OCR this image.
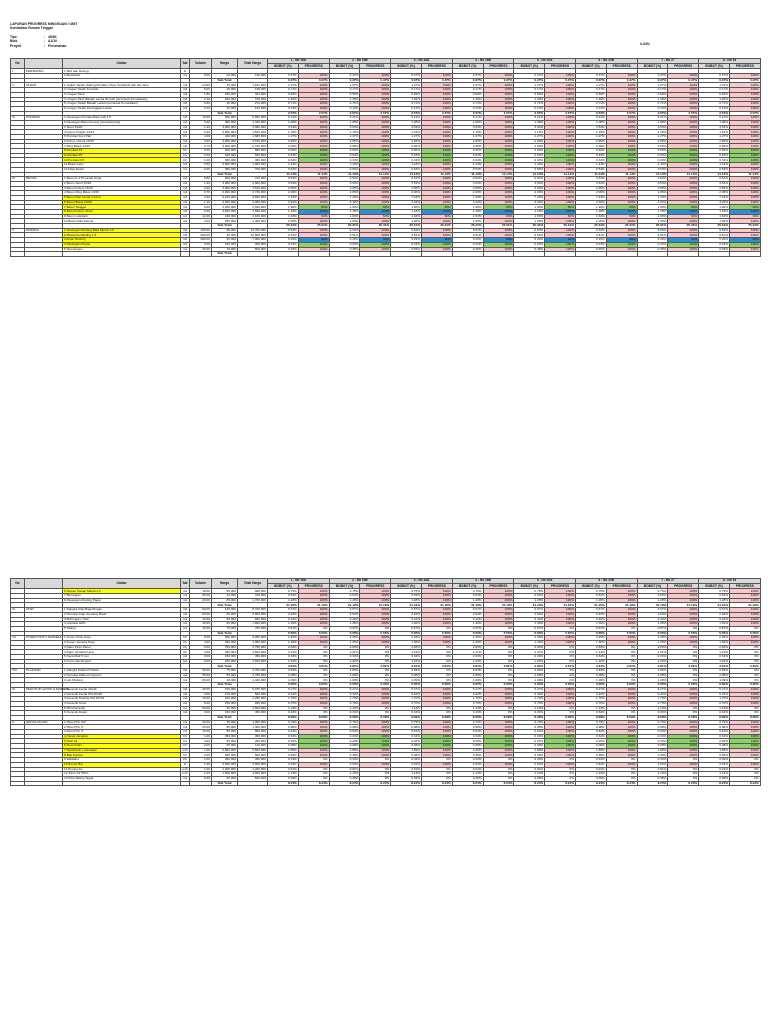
LAPORAN PROGRESS MINGGUAN / UNIT
Kontraktor Rumah Tinggal
Tipe	: 45/84
Blok	: A1/10
Proyek	: Perumahan	4.44%
No		Uraian	Sat	Volume	Harga	Total Harga	1 - No 16A		2 - No 16B		3 - No 18A		4 - No 18B		5 - No 20A		6 - No 20B		7 - No 27		8 - No 33	
							BOBOT (%)	PROGRESS	BOBOT (%)	PROGRESS	BOBOT (%)	PROGRESS	BOBOT (%)	PROGRESS	BOBOT (%)	PROGRESS	BOBOT (%)	PROGRESS	BOBOT (%)	PROGRESS	BOBOT (%)	PROGRESS
I.	PERSIAPAN	1 Bed dan Desing	ls																			
		2 Bowplank	m1	5.00	22,000	110,000	0.37%	100%	0.37%	100%	0.37%	100%	0.37%	100%	0.37%	100%	0.37%	100%	0.37%	100%	0.37%	100%
					Sub Total		0.37%	0.37%	0.37%	0.37%	0.37%	0.37%	0.37%	0.37%	0.37%	0.37%	0.37%	0.37%	0.37%	0.37%	0.37%	0.37%
II.	TANAH	1 Galian Tanah (Saring Pondasi, Pipa, Septitank dan lain lain)	m3	24.60	45,000	1,107,000	1.07%	100%	1.07%	100%	1.07%	100%	1.07%	100%	1.07%	100%	1.07%	100%	1.07%	100%	1.07%	100%
		2 Urugan Tanah Kembali	m3	5.00	25,000	125,000	0.17%	100%	0.17%	100%	0.17%	100%	0.17%	100%	0.17%	100%	0.17%	100%	0.17%	100%	0.17%	100%
		3 Urugan Pasir	m3	1.80	180,000	324,000	0.69%	100%	0.69%	100%	0.69%	100%	0.69%	100%	0.69%	100%	0.69%	100%	0.69%	100%	0.69%	100%
		4 Urugan Pasir Bawah Lantai Rumah (termasuk Pemadatan)	m3	2.10	180,000	378,000	1.30%	100%	1.30%	100%	1.30%	100%	1.30%	100%	1.30%	100%	1.30%	100%	1.30%	100%	1.30%	100%
		5 Urugan Tanah Bawah Lantai (termasuk Pemadatan)	m3	6.80	40,000	272,000	0.71%	100%	0.71%	100%	0.71%	100%	0.71%	100%	0.71%	100%	0.71%	100%	0.71%	100%	0.71%	100%
		6 Urugan Tanah Peninggian Lantai	m3	3.10	40,000	124,000	0.14%	100%	0.14%	100%	0.14%	100%	0.14%	100%	0.14%	100%	0.14%	100%	0.14%	100%	0.14%	100%
					Sub Total		2.57%	2.57%	2.57%	2.57%	2.57%	2.57%	2.57%	2.57%	2.57%	2.57%	2.57%	2.57%	2.57%	2.57%	2.57%	2.57%
III.	PONDASI	1 Pasangan Pondasi Batu Kali 1:5	m3	10.60	650,000	6,890,000	5.21%	100%	5.21%	100%	5.21%	100%	5.21%	100%	5.21%	100%	5.21%	100%	5.21%	100%	5.21%	100%
		2 Pasangan Batu Kosong (Aanstamping)	m3	3.20	450,000	1,440,000	1.08%	100%	1.08%	100%	1.08%	100%	1.08%	100%	1.08%	100%	1.08%	100%	1.08%	100%	1.08%	100%
		3 Sloof 15/20	m3	1.20	3,900,000	4,680,000	3.54%	100%	3.54%	100%	3.54%	100%	3.54%	100%	3.54%	100%	3.54%	100%	3.54%	100%	3.54%	100%
		4 Kolom Praktis 13/13	m3	0.40	3,800,000	1,520,000	1.15%	100%	1.15%	100%	1.15%	100%	1.15%	100%	1.15%	100%	1.15%	100%	1.15%	100%	1.15%	100%
		5 Pondasi Foot Plat	bh	4.00	420,000	1,680,000	1.27%	100%	1.27%	100%	1.27%	100%	1.27%	100%	1.27%	100%	1.27%	100%	1.27%	100%	1.27%	100%
		6 Kolom Utama 15/15	m3	0.90	3,900,000	3,510,000	2.65%	100%	2.65%	100%	2.65%	100%	2.65%	100%	2.65%	100%	2.65%	100%	2.65%	100%	2.65%	100%
		7 Ring Balok 13/15	m3	0.70	3,900,000	2,730,000	2.06%	100%	2.06%	100%	2.06%	100%	2.06%	100%	2.06%	100%	2.06%	100%	2.06%	100%	2.06%	100%
		8 Pondasi P1	bh	2.00	400,000	800,000	0.60%	100%	0.60%	100%	0.60%	100%	0.60%	100%	0.60%	100%	0.60%	100%	0.60%	100%	0.60%	100%
		9 Pondasi P2	bh	2.00	420,000	840,000	0.63%	100%	0.63%	100%	0.63%	100%	0.63%	100%	0.63%	100%	0.63%	100%	0.63%	100%	0.63%	100%
		10 Pondasi P3	bh	1.00	450,000	450,000	0.34%	100%	0.34%	100%	0.34%	100%	0.34%	100%	0.34%	100%	0.34%	100%	0.34%	100%	0.34%	100%
		11 Balok Latei	m3	0.50	3,800,000	1,900,000	1.44%	100%	1.44%	100%	1.44%	100%	1.44%	100%	1.44%	100%	1.44%	100%	1.44%	100%	1.44%	100%
		12 Meja Dapur	m1	2.00	350,000	700,000	0.53%	100%	0.53%	100%	0.53%	100%	0.53%	100%	0.53%	100%	0.53%	100%	0.53%	100%	0.53%	100%
					Sub Total		11.14%	11.14%	11.14%	11.14%	11.14%	11.14%	11.14%	11.14%	11.14%	11.14%	11.14%	11.14%	11.14%	11.14%	11.14%	11.14%
IV.	BETON	1 Beton K-175 Lantai Kerja	m3	0.80	900,000	720,000	0.54%	100%	0.54%	100%	0.54%	100%	0.54%	100%	0.54%	100%	0.54%	100%	0.54%	100%	0.54%	100%
		2 Beton Sloof 15/20	m3	1.20	3,900,000	4,680,000	3.54%	100%	3.54%	100%	3.54%	100%	3.54%	100%	3.54%	100%	3.54%	100%	3.54%	100%	3.54%	100%
		3 Beton Kolom 15/15	m3	0.90	3,900,000	3,510,000	2.65%	100%	2.65%	100%	2.65%	100%	2.65%	100%	2.65%	100%	2.65%	100%	2.65%	100%	2.65%	100%
		4 Beton Ring Balok 13/15	m3	0.70	3,900,000	2,730,000	2.06%	100%	2.06%	100%	2.06%	100%	2.06%	100%	2.06%	100%	2.06%	100%	2.06%	100%	2.06%	100%
		5 Beton Plat Lantai t=12cm	m3	2.40	4,100,000	9,840,000	7.43%	100%	7.43%	100%	7.43%	100%	7.43%	100%	7.43%	100%	7.43%	100%	7.43%	100%	7.43%	100%
		6 Beton Balok 20/30	m3	1.10	4,000,000	4,400,000	3.32%	100%	3.32%	100%	3.32%	100%	3.32%	100%	3.32%	100%	3.32%	100%	3.32%	100%	3.32%	100%
		7 Beton Tangga	m3	0.60	4,200,000	2,520,000	1.90%	80%	1.90%	80%	1.90%	80%	1.90%	80%	1.90%	80%	1.90%	80%	1.90%	80%	1.90%	80%
		8 Beton Kolom Teras	m3	0.40	3,900,000	1,560,000	1.18%	100%	1.18%	100%	1.18%	100%	1.18%	100%	1.18%	100%	1.18%	100%	1.18%	100%	1.18%	100%
		9 Beton Listplank	m1	12.00	180,000	2,160,000	1.63%	60%	1.63%	60%	1.63%	60%	1.63%	60%	1.63%	60%	1.63%	60%	1.63%	60%	1.63%	60%
		10 Beton Dak Kanopi	m2	4.00	350,000	1,400,000	1.06%	100%	1.06%	100%	1.06%	100%	1.06%	100%	1.06%	100%	1.06%	100%	1.06%	100%	1.06%	100%
					Sub Total		25.31%	25.31%	25.31%	25.31%	25.31%	25.31%	25.31%	25.31%	25.31%	25.31%	25.31%	25.31%	25.31%	25.31%	25.31%	25.31%
V.	DINDING	1 Pasangan Dinding Bata Merah 1:5	m2	150.00	85,000	12,750,000	9.63%	100%	9.63%	100%	9.63%	100%	9.63%	100%	9.63%	100%	9.63%	100%	9.63%	100%	9.63%	100%
		2 Plesteran Dinding 1:4	m2	280.00	45,000	12,600,000	9.51%	100%	9.51%	100%	9.51%	100%	9.51%	100%	9.51%	100%	9.51%	100%	9.51%	100%	9.51%	100%
		3 Acian Dinding	m2	280.00	25,000	7,000,000	5.29%	90%	5.29%	90%	5.29%	90%	5.29%	90%	5.29%	90%	5.29%	90%	5.29%	90%	5.29%	90%
		4 Pasangan Roster	m2	2.00	150,000	300,000	0.23%	100%	0.23%	100%	0.23%	100%	0.23%	100%	0.23%	100%	0.23%	100%	0.23%	100%	0.23%	100%
		5 Sponengan	m1	40.00	15,000	600,000	0.45%	100%	0.45%	100%	0.45%	100%	0.45%	100%	0.45%	100%	0.45%	100%	0.45%	100%	0.45%	100%
					Sub Total																	
No		Uraian	Sat	Volume	Harga	Total Harga	1 - No 16A		2 - No 16B		3 - No 18A		4 - No 18B		5 - No 20A		6 - No 20B		7 - No 27		8 - No 33	
							BOBOT (%)	PROGRESS	BOBOT (%)	PROGRESS	BOBOT (%)	PROGRESS	BOBOT (%)	PROGRESS	BOBOT (%)	PROGRESS	BOBOT (%)	PROGRESS	BOBOT (%)	PROGRESS	BOBOT (%)	PROGRESS
		6 Plester Kamar Mandi 1:3	m2	18.00	55,000	990,000	0.75%	100%	0.75%	100%	0.75%	100%	0.75%	100%	0.75%	100%	0.75%	100%	0.75%	100%	0.75%	100%
		7 Benangan	m1	60.00	12,000	720,000	0.54%	100%	0.54%	100%	0.54%	100%	0.54%	100%	0.54%	100%	0.54%	100%	0.54%	100%	0.54%	100%
		8 Pasangan Dinding Pagar	m2	20.00	85,000	1,700,000	1.28%	100%	1.28%	100%	1.28%	100%	1.28%	100%	1.28%	100%	1.28%	100%	1.28%	100%	1.28%	100%
					Sub Total		31.19%	31.19%	31.19%	31.19%	31.19%	31.19%	31.19%	31.19%	31.19%	31.19%	31.19%	31.19%	31.19%	31.19%	31.19%	31.19%
VI.	ATAP	1 Rangka Atap Baja Ringan	m2	60.00	145,000	8,700,000	6.57%	100%	6.57%	100%	6.57%	100%	6.57%	100%	6.57%	100%	6.57%	100%	6.57%	100%	6.57%	100%
		2 Penutup Atap Genteng Metal	m2	60.00	65,000	3,900,000	2.94%	100%	2.94%	100%	2.94%	100%	2.94%	100%	2.94%	100%	2.94%	100%	2.94%	100%	2.94%	100%
		3 Bubungan / Nok	m1	10.00	55,000	550,000	0.42%	100%	0.42%	100%	0.42%	100%	0.42%	100%	0.42%	100%	0.42%	100%	0.42%	100%	0.42%	100%
		4 Lisplank GRC	m1	30.00	60,000	1,800,000	1.36%	100%	1.36%	100%	1.36%	100%	1.36%	100%	1.36%	100%	1.36%	100%	1.36%	100%	1.36%	100%
		5 Talang	m1	10.00	75,000	750,000	0.57%	0%	0.57%	0%	0.57%	0%	0.57%	0%	0.57%	0%	0.57%	0%	0.57%	0%	0.57%	0%
					Sub Total		5.55%	5.55%	5.55%	5.55%	5.55%	5.55%	5.55%	5.55%	5.55%	5.55%	5.55%	5.55%	5.55%	5.55%	5.55%	5.55%
VII.	KUSEN PINTU JENDELA	1 Kusen Pintu Kayu	bh	5.00	650,000	3,250,000	2.45%	100%	2.45%	100%	2.45%	100%	2.45%	100%	2.45%	100%	2.45%	100%	2.45%	100%	2.45%	100%
		2 Kusen Jendela Kayu	bh	4.00	450,000	1,800,000	1.36%	100%	1.36%	100%	1.36%	100%	1.36%	100%	1.36%	100%	1.36%	100%	1.36%	100%	1.36%	100%
		3 Daun Pintu Panel	bh	5.00	750,000	3,750,000	2.83%	0%	2.83%	0%	2.83%	0%	2.83%	0%	2.83%	0%	2.83%	0%	2.83%	0%	2.83%	0%
		4 Daun Jendela Kaca	bh	4.00	400,000	1,600,000	1.21%	0%	1.21%	0%	1.21%	0%	1.21%	0%	1.21%	0%	1.21%	0%	1.21%	0%	1.21%	0%
		5 Kaca Mati 5 mm	m2	3.00	150,000	450,000	0.34%	0%	0.34%	0%	0.34%	0%	0.34%	0%	0.34%	0%	0.34%	0%	0.34%	0%	0.34%	0%
		6 Kunci dan Engsel	set	9.00	180,000	1,620,000	1.22%	0%	1.22%	0%	1.22%	0%	1.22%	0%	1.22%	0%	1.22%	0%	1.22%	0%	1.22%	0%
					Sub Total		3.81%	3.81%	3.81%	3.81%	3.81%	3.81%	3.81%	3.81%	3.81%	3.81%	3.81%	3.81%	3.81%	3.81%	3.81%	3.81%
VIII.	PLAFOND	1 Rangka Plafond Hollow	m2	50.00	75,000	3,750,000	2.83%	0%	2.83%	0%	2.83%	0%	2.83%	0%	2.83%	0%	2.83%	0%	2.83%	0%	2.83%	0%
		2 Penutup Plafond Gypsum	m2	50.00	55,000	2,750,000	2.08%	0%	2.08%	0%	2.08%	0%	2.08%	0%	2.08%	0%	2.08%	0%	2.08%	0%	2.08%	0%
		3 List Plafond	m1	80.00	18,000	1,440,000	1.09%	0%	1.09%	0%	1.09%	0%	1.09%	0%	1.09%	0%	1.09%	0%	1.09%	0%	1.09%	0%
					Sub Total		0.00%	0.00%	0.00%	0.00%	0.00%	0.00%	0.00%	0.00%	0.00%	0.00%	0.00%	0.00%	0.00%	0.00%	0.00%	0.00%
IX.	PENUTUP LANTAI & DINDING	1 Keramik Lantai 40x40	m2	45.00	155,000	6,975,000	5.27%	100%	5.27%	100%	5.27%	100%	5.27%	100%	5.27%	100%	5.27%	100%	5.27%	100%	5.27%	100%
		2 Keramik Lantai KM 20x20	m2	4.00	140,000	560,000	0.42%	100%	0.42%	100%	0.42%	100%	0.42%	100%	0.42%	100%	0.42%	100%	0.42%	100%	0.42%	100%
		3 Keramik Dinding KM 20x25	m2	15.00	150,000	2,250,000	1.70%	100%	1.70%	100%	1.70%	100%	1.70%	100%	1.70%	100%	1.70%	100%	1.70%	100%	1.70%	100%
		4 Keramik Teras	m2	6.00	155,000	930,000	0.70%	100%	0.70%	100%	0.70%	100%	0.70%	100%	0.70%	100%	0.70%	100%	0.70%	100%	0.70%	100%
		5 Plint Keramik	m1	60.00	25,000	1,500,000	1.13%	0%	1.13%	0%	1.13%	0%	1.13%	0%	1.13%	0%	1.13%	0%	1.13%	0%	1.13%	0%
		6 Keramik Dapur	m2	3.00	150,000	450,000	0.34%	0%	0.34%	0%	0.34%	0%	0.34%	0%	0.34%	0%	0.34%	0%	0.34%	0%	0.34%	0%
					Sub Total		8.09%	8.09%	8.09%	8.09%	8.09%	8.09%	8.09%	8.09%	8.09%	8.09%	8.09%	8.09%	8.09%	8.09%	8.09%	8.09%
X.	INSTALASI AIR	1 Pipa PVC 3/4"	m1	30.00	35,000	1,050,000	0.79%	100%	0.79%	100%	0.79%	100%	0.79%	100%	0.79%	100%	0.79%	100%	0.79%	100%	0.79%	100%
		2 Pipa PVC 3"	m1	20.00	65,000	1,300,000	0.98%	100%	0.98%	100%	0.98%	100%	0.98%	100%	0.98%	100%	0.98%	100%	0.98%	100%	0.98%	100%
		3 Pipa PVC 4"	m1	10.00	85,000	850,000	0.64%	100%	0.64%	100%	0.64%	100%	0.64%	100%	0.64%	100%	0.64%	100%	0.64%	100%	0.64%	100%
		4 Closet Jongkok	bh	1.00	450,000	450,000	0.34%	100%	0.34%	100%	0.34%	100%	0.34%	100%	0.34%	100%	0.34%	100%	0.34%	100%	0.34%	100%
		5 Kran Air	bh	4.00	65,000	260,000	0.20%	100%	0.20%	100%	0.20%	100%	0.20%	100%	0.20%	100%	0.20%	100%	0.20%	100%	0.20%	100%
		6 Floor Drain	bh	2.00	55,000	110,000	0.08%	100%	0.08%	100%	0.08%	100%	0.08%	100%	0.08%	100%	0.08%	100%	0.08%	100%	0.08%	100%
		7 Septictank + Resapan	unit	1.00	2,500,000	2,500,000	1.89%	100%	1.89%	100%	1.89%	100%	1.89%	100%	1.89%	100%	1.89%	100%	1.89%	100%	1.89%	100%
		8 Bak Kontrol	bh	2.00	250,000	500,000	0.38%	100%	0.38%	100%	0.38%	100%	0.38%	100%	0.38%	100%	0.38%	100%	0.38%	100%	0.38%	100%
		9 Wastafel	bh	1.00	450,000	450,000	0.34%	0%	0.34%	0%	0.34%	0%	0.34%	0%	0.34%	0%	0.34%	0%	0.34%	0%	0.34%	0%
		10 Sumur Bor	ls	1.00	3,500,000	3,500,000	2.64%	100%	2.64%	100%	2.64%	100%	2.64%	100%	2.64%	100%	2.64%	100%	2.64%	100%	2.64%	100%
		11 Pompa Air	unit	1.00	1,200,000	1,200,000	0.91%	0%	0.91%	0%	0.91%	0%	0.91%	0%	0.91%	0%	0.91%	0%	0.91%	0%	0.91%	0%
		12 Toren Air 550 L	unit	1.00	1,500,000	1,500,000	1.13%	0%	1.13%	0%	1.13%	0%	1.13%	0%	1.13%	0%	1.13%	0%	1.13%	0%	1.13%	0%
		13 Pipa Talang Tegak	m1	8.00	65,000	520,000	0.39%	0%	0.39%	0%	0.39%	0%	0.39%	0%	0.39%	0%	0.39%	0%	0.39%	0%	0.39%	0%
					Sub Total		8.24%	8.24%	8.24%	8.24%	8.24%	8.24%	8.24%	8.24%	8.24%	8.24%	8.24%	8.24%	8.24%	8.24%	8.24%	8.24%
